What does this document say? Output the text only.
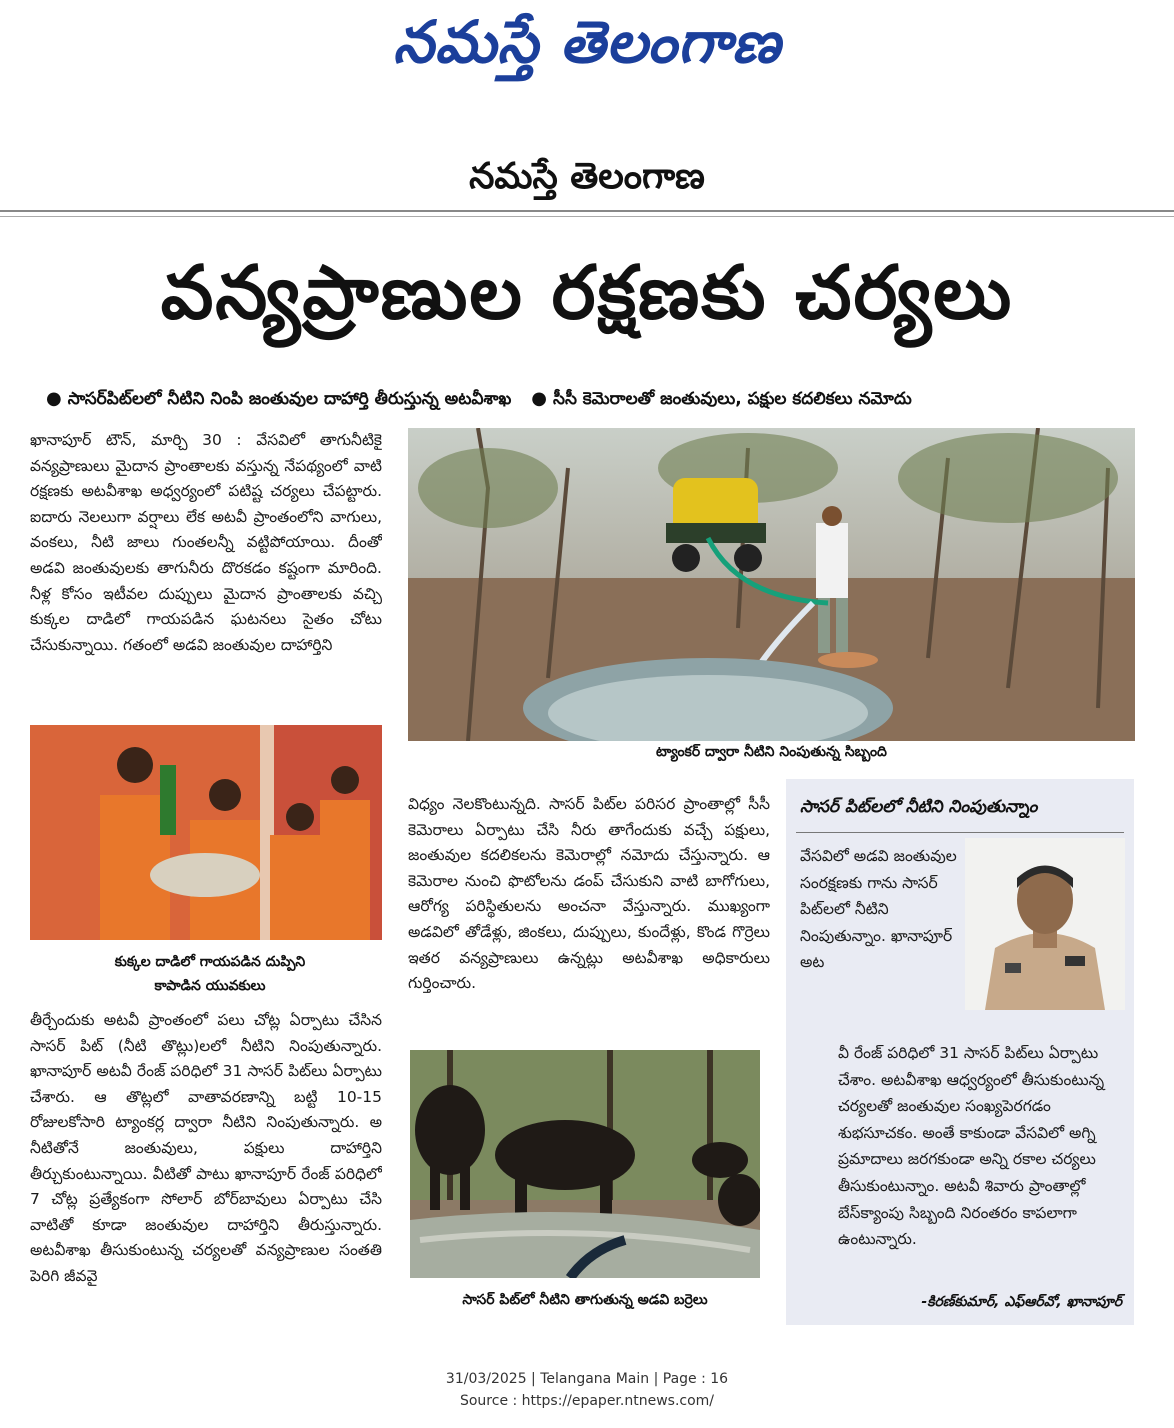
నమస్తే తెలంగాణ
నమస్తే తెలంగాణ
వన్యప్రాణుల రక్షణకు చర్యలు
● సాసర్‌పిట్‌లలో నీటిని నింపి జంతువుల దాహార్తి తీరుస్తున్న అటవీశాఖ ● సీసీ కెమెరాలతో జంతువులు, పక్షుల కదలికలు నమోదు

ఖానాపూర్‌ టౌన్‌, మార్చి 30 : వేసవిలో తాగునీటికై వన్యప్రాణులు మైదాన ప్రాంతాలకు వస్తున్న నేపథ్యంలో వాటి రక్షణకు అటవీశాఖ అధ్వర్యంలో పటిష్ట చర్యలు చేపట్టారు. ఐదారు నెలలుగా వర్షాలు లేక అటవీ ప్రాంతంలోని వాగులు, వంకలు, నీటి జాలు గుంతలన్నీ వట్టిపోయాయి. దీంతో అడవి జంతువులకు తాగునీరు దొరకడం కష్టంగా మారింది. నీళ్ల కోసం ఇటీవల దుప్పులు మైదాన ప్రాంతాలకు వచ్చి కుక్కల దాడిలో గాయపడిన ఘటనలు సైతం చోటు చేసుకున్నాయి. గతంలో అడవి జంతువుల దాహార్తిని

ట్యాంకర్‌ ద్వారా నీటిని నింపుతున్న సిబ్బంది
కుక్కల దాడిలో గాయపడిన దుప్పిని కాపాడిన యువకులు

తీర్చేందుకు అటవీ ప్రాంతంలో పలు చోట్ల ఏర్పాటు చేసిన సాసర్‌ పిట్‌ (నీటి తొట్లు)లలో నీటిని నింపుతున్నారు. ఖానాపూర్‌ అటవీ రేంజ్‌ పరిధిలో 31 సాసర్‌ పిట్‌లు ఏర్పాటు చేశారు. ఆ తొట్లలో వాతావరణాన్ని బట్టి 10-15 రోజులకోసారి ట్యాంకర్ల ద్వారా నీటిని నింపుతున్నారు. అ నీటితోనే జంతువులు, పక్షులు దాహార్తిని తీర్చుకుంటున్నాయి. వీటితో పాటు ఖానాపూర్‌ రేంజ్‌ పరిధిలో 7 చోట్ల ప్రత్యేకంగా సోలార్‌ బోర్‌బావులు ఏర్పాటు చేసి వాటితో కూడా జంతువుల దాహార్తిని తీరుస్తున్నారు. అటవీశాఖ తీసుకుంటున్న చర్యలతో వన్యప్రాణుల సంతతి పెరిగి జీవవై

విధ్యం నెలకొంటున్నది. సాసర్‌ పిట్‌ల పరిసర ప్రాంతాల్లో సీసీ కెమెరాలు ఏర్పాటు చేసి నీరు తాగేందుకు వచ్చే పక్షులు, జంతువుల కదలికలను కెమెరాల్లో నమోదు చేస్తున్నారు. ఆ కెమెరాల నుంచి ఫొటోలను డంప్‌ చేసుకుని వాటి బాగోగులు, ఆరోగ్య పరిస్థితులను అంచనా వేస్తున్నారు. ముఖ్యంగా అడవిలో తోడేళ్లు, జింకలు, దుప్పులు, కుందేళ్లు, కొండ గొర్రెలు ఇతర వన్యప్రాణులు ఉన్నట్లు అటవీశాఖ అధికారులు గుర్తించారు.

సాసర్‌ పిట్‌లో నీటిని తాగుతున్న అడవి బర్రెలు
సాసర్‌ పిట్‌లలో నీటిని నింపుతున్నాం

వేసవిలో అడవి జంతువుల సంరక్షణకు గాను సాసర్‌ పిట్‌లలో నీటిని నింపుతున్నాం. ఖానాపూర్‌ అట

వీ రేంజ్‌ పరిధిలో 31 సాసర్‌ పిట్‌లు ఏర్పాటు చేశాం. అటవీశాఖ ఆధ్వర్యంలో తీసుకుంటున్న చర్యలతో జంతువుల సంఖ్యపెరగడం శుభసూచకం. అంతే కాకుండా వేసవిలో అగ్ని ప్రమాదాలు జరగకుండా అన్ని రకాల చర్యలు తీసుకుంటున్నాం. అటవీ శివారు ప్రాంతాల్లో బేస్‌క్యాంపు సిబ్బంది నిరంతరం కాపలాగా ఉంటున్నారు.

-కిరణ్‌కుమార్‌, ఎఫ్‌ఆర్‌వో, ఖానాపూర్‌
31/03/2025 | Telangana Main | Page : 16
Source : https://epaper.ntnews.com/
